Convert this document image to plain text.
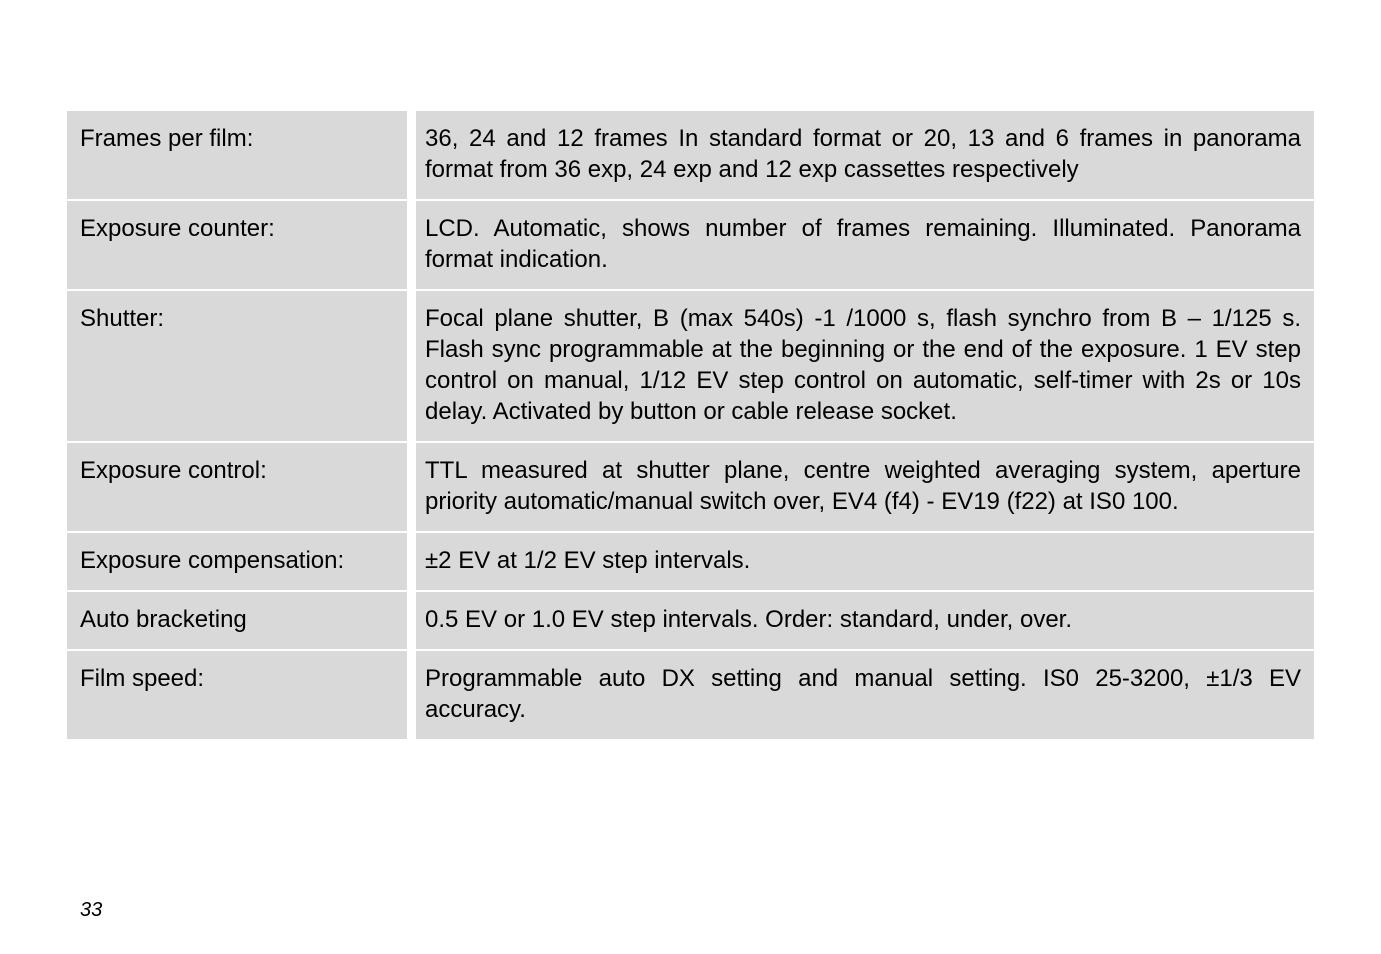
Frames per film:	36, 24 and 12 frames In standard format or 20, 13 and 6 frames in panorama format from 36 exp, 24 exp and 12 exp cassettes respectively
Exposure counter:	LCD. Automatic, shows number of frames remaining. Illuminated. Panorama format indication.
Shutter:	Focal plane shutter, B (max 540s) -1 /1000 s, flash synchro from B – 1/125 s. Flash sync programmable at the beginning or the end of the exposure. 1 EV step control on manual, 1/12 EV step control on automatic, self-timer with 2s or 10s delay. Activated by button or cable release socket.
Exposure control:	TTL measured at shutter plane, centre weighted averaging system, aperture priority automatic/manual switch over, EV4 (f4) - EV19 (f22) at IS0 100.
Exposure compensation:	±2 EV at 1/2 EV step intervals.
Auto bracketing	0.5 EV or 1.0 EV step intervals. Order: standard, under, over.
Film speed:	Programmable auto DX setting and manual setting. IS0 25-3200, ±1/3 EV accuracy.
33
